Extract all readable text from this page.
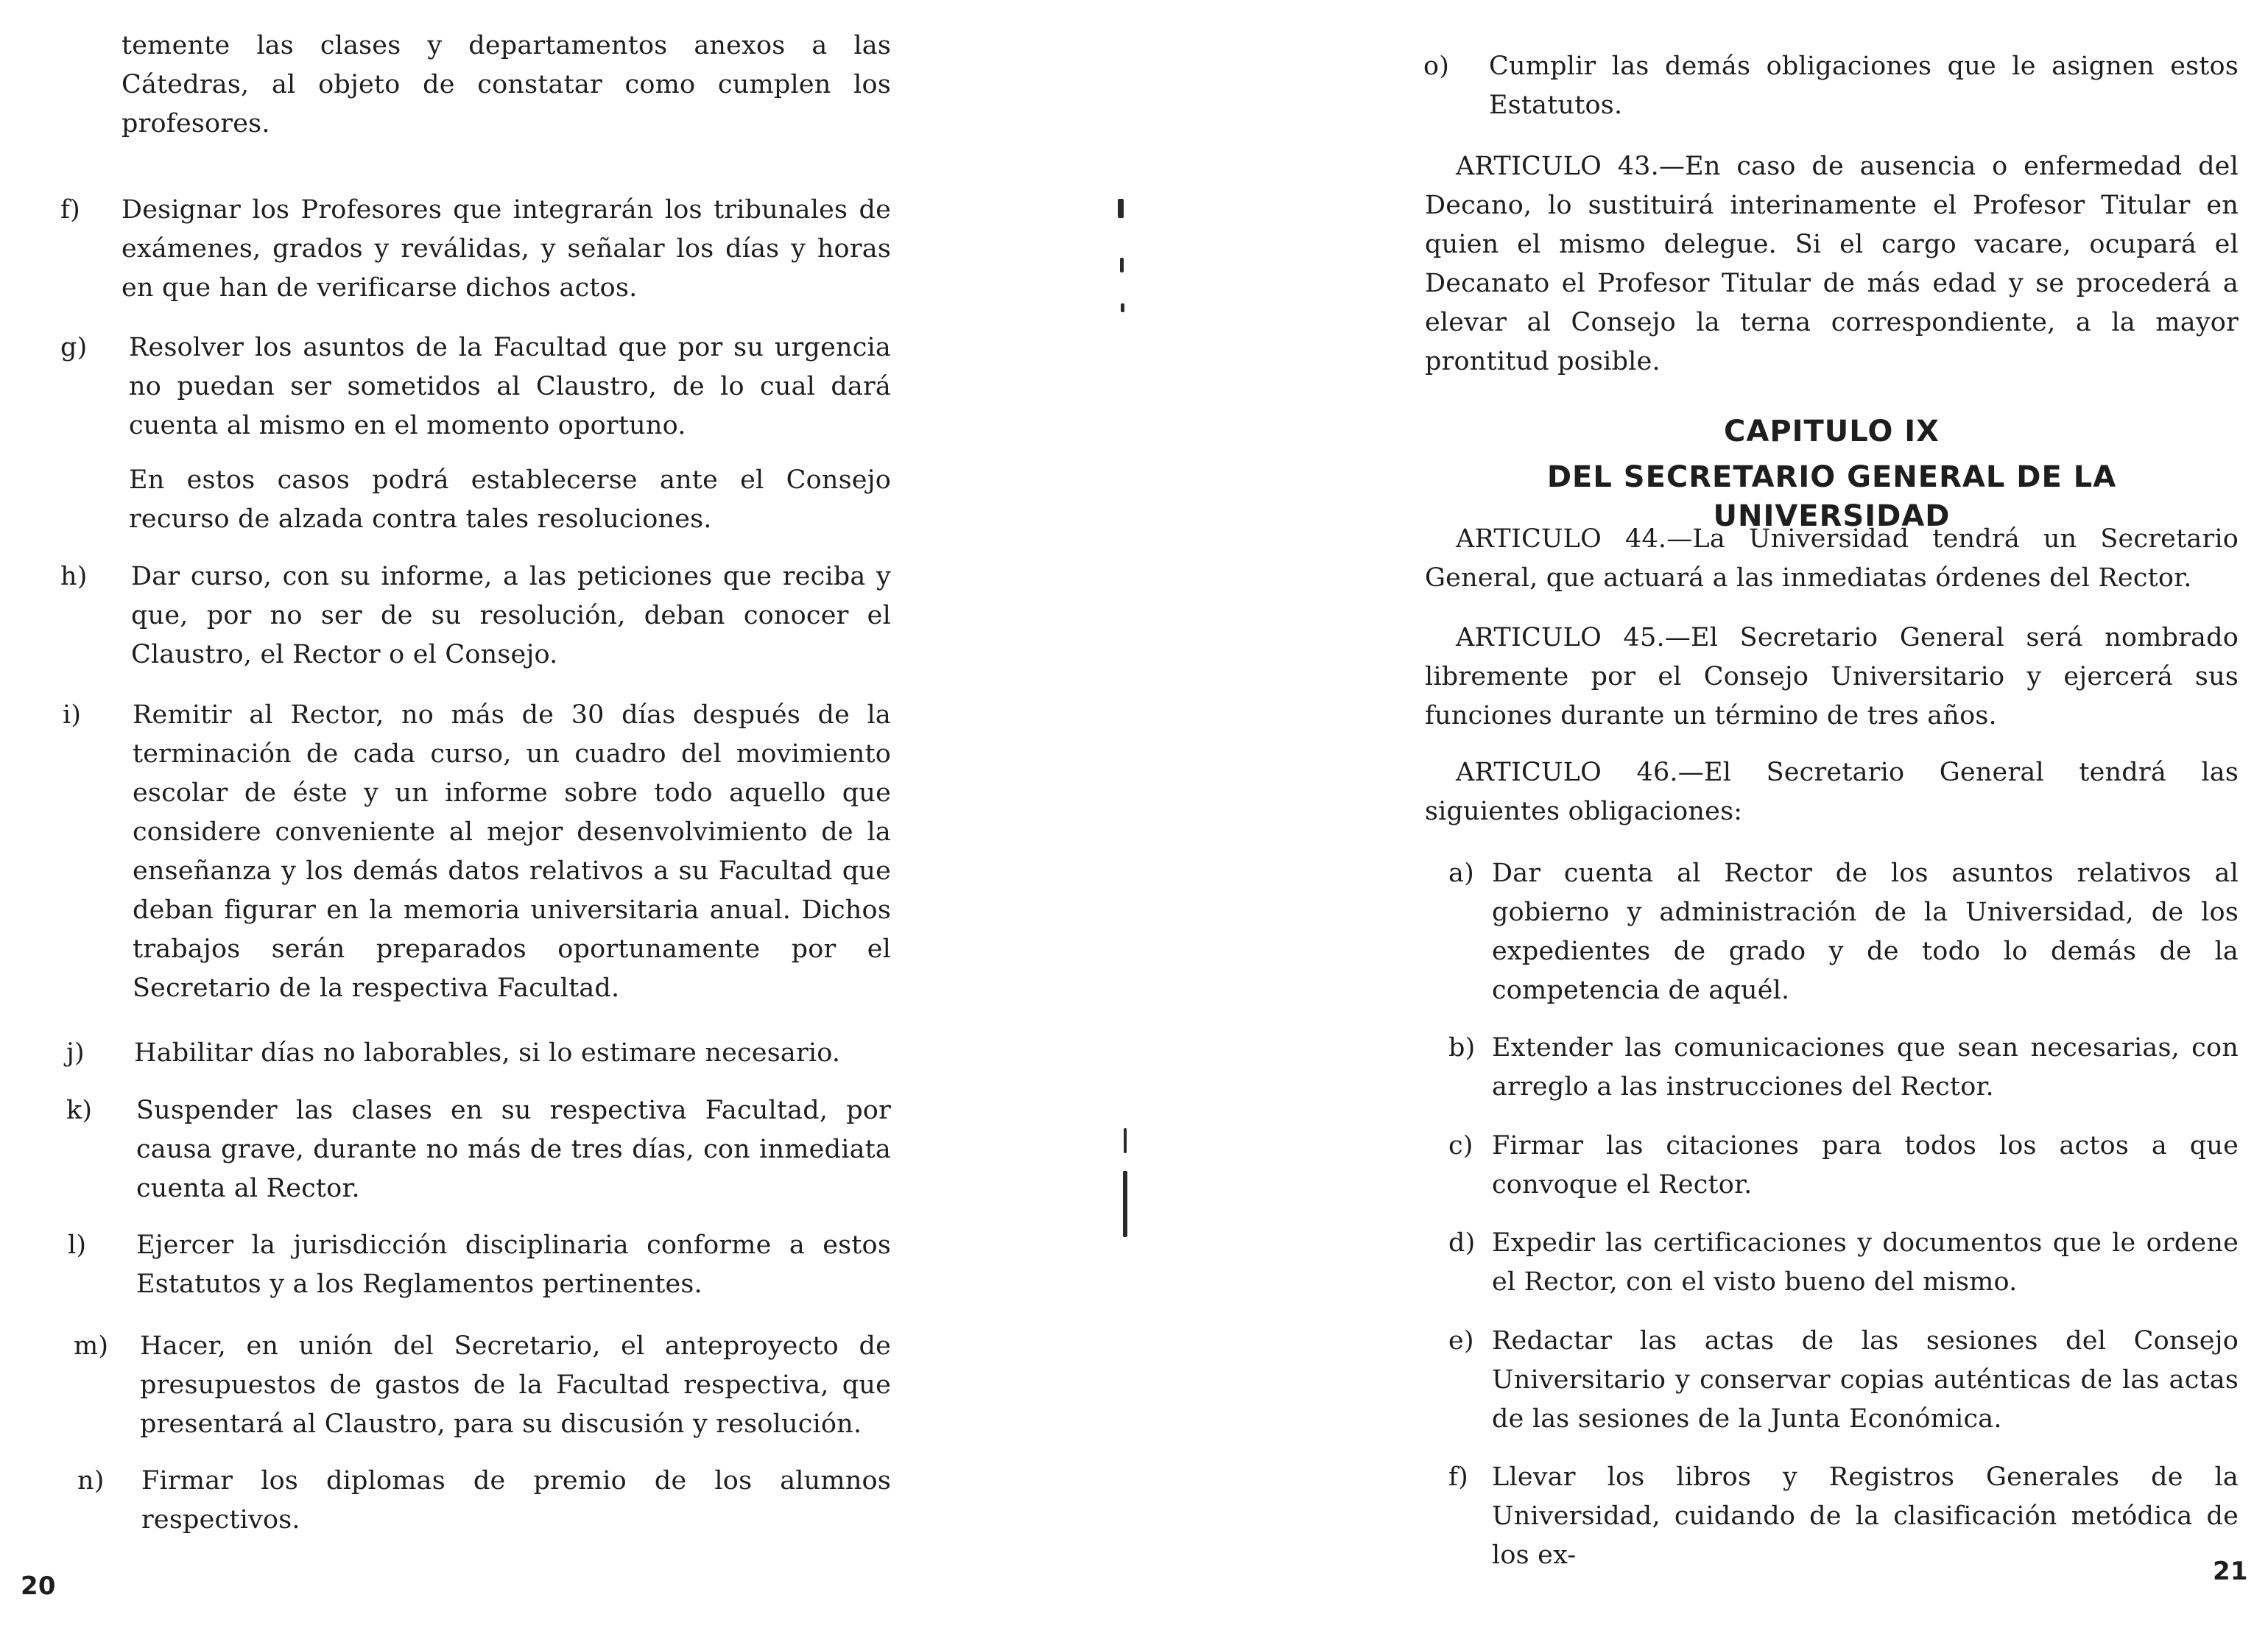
temente las clases y departamentos anexos a las Cátedras, al objeto de constatar como cumplen los profesores.
f) Designar los Profesores que integrarán los tribunales de exámenes, grados y reválidas, y señalar los días y horas en que han de verificarse dichos actos.
g) Resolver los asuntos de la Facultad que por su urgencia no puedan ser sometidos al Claustro, de lo cual dará cuenta al mismo en el momento oportuno.
En estos casos podrá establecerse ante el Consejo recurso de alzada contra tales resoluciones.
h) Dar curso, con su informe, a las peticiones que reciba y que, por no ser de su resolución, deban conocer el Claustro, el Rector o el Consejo.
i) Remitir al Rector, no más de 30 días después de la terminación de cada curso, un cuadro del movimiento escolar de éste y un informe sobre todo aquello que considere conveniente al mejor desenvolvimiento de la enseñanza y los demás datos relativos a su Facultad que deban figurar en la memoria universitaria anual. Dichos trabajos serán preparados oportunamente por el Secretario de la respectiva Facultad.
j) Habilitar días no laborables, si lo estimare necesario.
k) Suspender las clases en su respectiva Facultad, por causa grave, durante no más de tres días, con inmediata cuenta al Rector.
l) Ejercer la jurisdicción disciplinaria conforme a estos Estatutos y a los Reglamentos pertinentes.
m) Hacer, en unión del Secretario, el anteproyecto de presupuestos de gastos de la Facultad respectiva, que presentará al Claustro, para su discusión y resolución.
n) Firmar los diplomas de premio de los alumnos respectivos.
20
o) Cumplir las demás obligaciones que le asignen estos Estatutos.
ARTICULO 43.—En caso de ausencia o enfermedad del Decano, lo sustituirá interinamente el Profesor Titular en quien el mismo delegue. Si el cargo vacare, ocupará el Decanato el Profesor Titular de más edad y se procederá a elevar al Consejo la terna correspondiente, a la mayor prontitud posible.
CAPITULO IX
DEL SECRETARIO GENERAL DE LA UNIVERSIDAD
ARTICULO 44.—La Universidad tendrá un Secretario General, que actuará a las inmediatas órdenes del Rector.
ARTICULO 45.—El Secretario General será nombrado libremente por el Consejo Universitario y ejercerá sus funciones durante un término de tres años.
ARTICULO 46.—El Secretario General tendrá las siguientes obligaciones:
a) Dar cuenta al Rector de los asuntos relativos al gobierno y administración de la Universidad, de los expedientes de grado y de todo lo demás de la competencia de aquél.
b) Extender las comunicaciones que sean necesarias, con arreglo a las instrucciones del Rector.
c) Firmar las citaciones para todos los actos a que convoque el Rector.
d) Expedir las certificaciones y documentos que le ordene el Rector, con el visto bueno del mismo.
e) Redactar las actas de las sesiones del Consejo Universitario y conservar copias auténticas de las actas de las sesiones de la Junta Económica.
f) Llevar los libros y Registros Generales de la Universidad, cuidando de la clasificación metódica de los ex-
21
